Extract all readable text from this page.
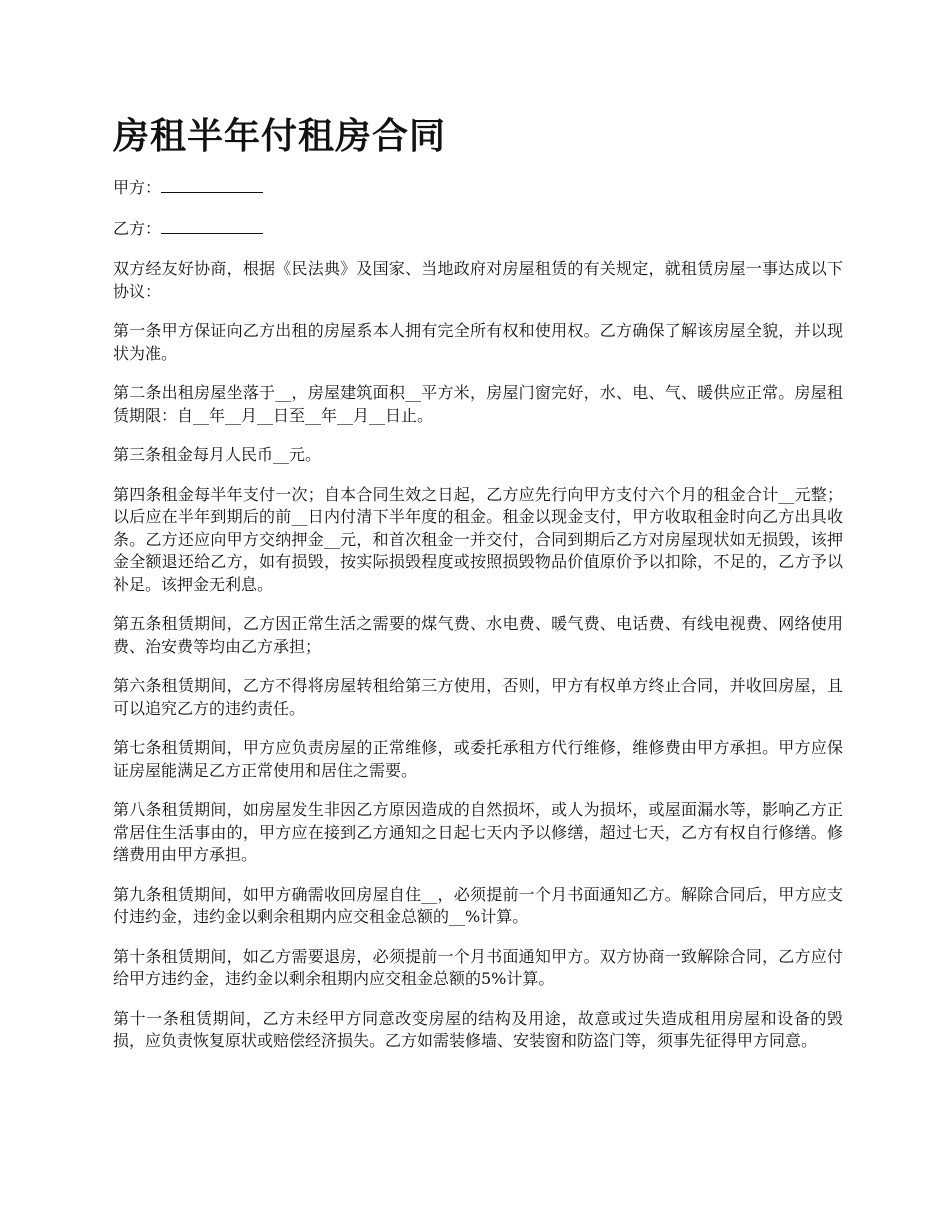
房租半年付租房合同

甲方：

乙方：

双方经友好协商，根据《民法典》及国家、当地政府对房屋租赁的有关规定，就租赁房屋一事达成以下协议：

第一条甲方保证向乙方出租的房屋系本人拥有完全所有权和使用权。乙方确保了解该房屋全貌，并以现状为准。

第二条出租房屋坐落于__，房屋建筑面积__平方米，房屋门窗完好，水、电、气、暖供应正常。房屋租赁期限：自__年__月__日至__年__月__日止。

第三条租金每月人民币__元。

第四条租金每半年支付一次；自本合同生效之日起，乙方应先行向甲方支付六个月的租金合计__元整；以后应在半年到期后的前__日内付清下半年度的租金。租金以现金支付，甲方收取租金时向乙方出具收条。乙方还应向甲方交纳押金__元，和首次租金一并交付，合同到期后乙方对房屋现状如无损毁，该押金全额退还给乙方，如有损毁，按实际损毁程度或按照损毁物品价值原价予以扣除，不足的，乙方予以补足。该押金无利息。

第五条租赁期间，乙方因正常生活之需要的煤气费、水电费、暖气费、电话费、有线电视费、网络使用费、治安费等均由乙方承担；

第六条租赁期间，乙方不得将房屋转租给第三方使用，否则，甲方有权单方终止合同，并收回房屋，且可以追究乙方的违约责任。

第七条租赁期间，甲方应负责房屋的正常维修，或委托承租方代行维修，维修费由甲方承担。甲方应保证房屋能满足乙方正常使用和居住之需要。

第八条租赁期间，如房屋发生非因乙方原因造成的自然损坏，或人为损坏，或屋面漏水等，影响乙方正常居住生活事由的，甲方应在接到乙方通知之日起七天内予以修缮，超过七天，乙方有权自行修缮。修缮费用由甲方承担。

第九条租赁期间，如甲方确需收回房屋自住__，必须提前一个月书面通知乙方。解除合同后，甲方应支付违约金，违约金以剩余租期内应交租金总额的__%计算。

第十条租赁期间，如乙方需要退房，必须提前一个月书面通知甲方。双方协商一致解除合同，乙方应付给甲方违约金，违约金以剩余租期内应交租金总额的5%计算。

第十一条租赁期间，乙方未经甲方同意改变房屋的结构及用途，故意或过失造成租用房屋和设备的毁损，应负责恢复原状或赔偿经济损失。乙方如需装修墙、安装窗和防盗门等，须事先征得甲方同意。
